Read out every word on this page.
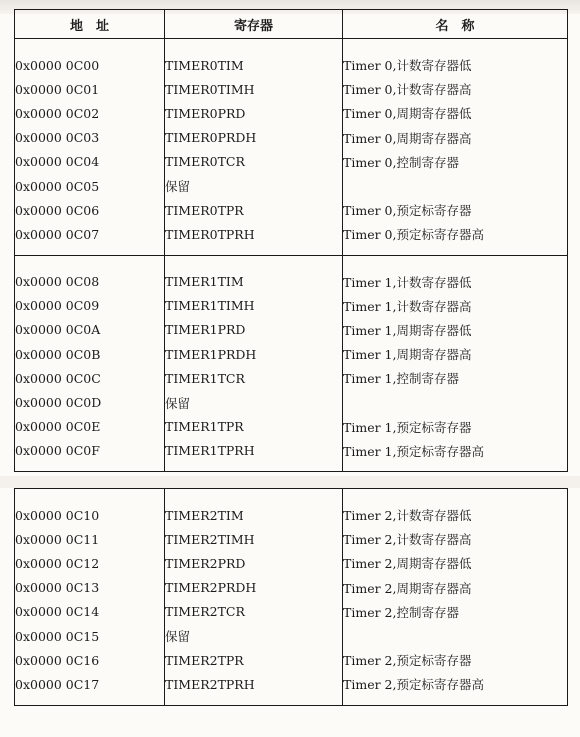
地　址	寄存器	名　称

0x0000 0C00	TIMER0TIM	Timer 0,计数寄存器低
0x0000 0C01	TIMER0TIMH	Timer 0,计数寄存器高
0x0000 0C02	TIMER0PRD	Timer 0,周期寄存器低
0x0000 0C03	TIMER0PRDH	Timer 0,周期寄存器高
0x0000 0C04	TIMER0TCR	Timer 0,控制寄存器
0x0000 0C05	保留	
0x0000 0C06	TIMER0TPR	Timer 0,预定标寄存器
0x0000 0C07	TIMER0TPRH	Timer 0,预定标寄存器高

0x0000 0C08	TIMER1TIM	Timer 1,计数寄存器低
0x0000 0C09	TIMER1TIMH	Timer 1,计数寄存器高
0x0000 0C0A	TIMER1PRD	Timer 1,周期寄存器低
0x0000 0C0B	TIMER1PRDH	Timer 1,周期寄存器高
0x0000 0C0C	TIMER1TCR	Timer 1,控制寄存器
0x0000 0C0D	保留	
0x0000 0C0E	TIMER1TPR	Timer 1,预定标寄存器
0x0000 0C0F	TIMER1TPRH	Timer 1,预定标寄存器高

0x0000 0C10	TIMER2TIM	Timer 2,计数寄存器低
0x0000 0C11	TIMER2TIMH	Timer 2,计数寄存器高
0x0000 0C12	TIMER2PRD	Timer 2,周期寄存器低
0x0000 0C13	TIMER2PRDH	Timer 2,周期寄存器高
0x0000 0C14	TIMER2TCR	Timer 2,控制寄存器
0x0000 0C15	保留	
0x0000 0C16	TIMER2TPR	Timer 2,预定标寄存器
0x0000 0C17	TIMER2TPRH	Timer 2,预定标寄存器高
